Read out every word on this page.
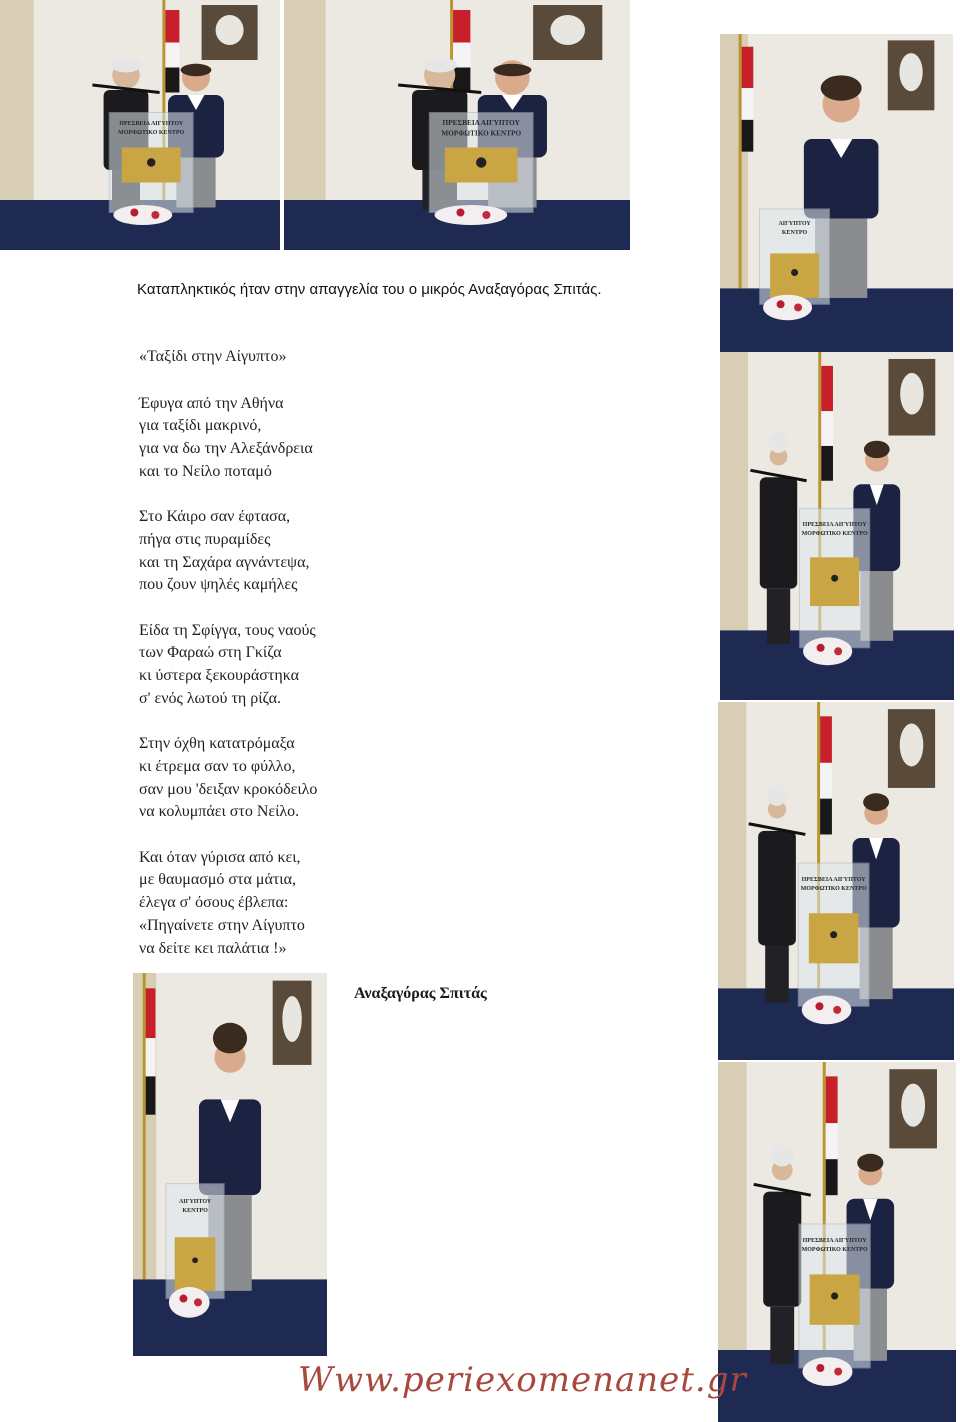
ΠΡΕΣΒΕΙΑ ΑΙΓΥΠΤΟΥ
ΜΟΡΦΩΤΙΚΟ ΚΕΝΤΡΟ
ΠΡΕΣΒΕΙΑ ΑΙΓΥΠΤΟΥ
ΜΟΡΦΩΤΙΚΟ ΚΕΝΤΡΟ
ΑΙΓΥΠΤΟΥ
ΚΕΝΤΡΟ
ΠΡΕΣΒΕΙΑ ΑΙΓΥΠΤΟΥ
ΜΟΡΦΩΤΙΚΟ ΚΕΝΤΡΟ
ΠΡΕΣΒΕΙΑ ΑΙΓΥΠΤΟΥ
ΜΟΡΦΩΤΙΚΟ ΚΕΝΤΡΟ
ΠΡΕΣΒΕΙΑ ΑΙΓΥΠΤΟΥ
ΜΟΡΦΩΤΙΚΟ ΚΕΝΤΡΟ
ΑΙΓΥΠΤΟΥ
ΚΕΝΤΡΟ
Καταπληκτικός ήταν στην απαγγελία του ο μικρός Αναξαγόρας Σπιτάς.
«Ταξίδι στην Αίγυπτο»
Έφυγα από την Αθήνα
για ταξίδι μακρινό,
για να δω την Αλεξάνδρεια
και το Νείλο ποταμό
Στο Κάιρο σαν έφτασα,
πήγα στις πυραμίδες
και τη Σαχάρα αγνάντεψα,
που ζουν ψηλές καμήλες
Είδα τη Σφίγγα, τους ναούς
των Φαραώ στη Γκίζα
κι ύστερα ξεκουράστηκα
σ' ενός λωτού τη ρίζα.
Στην όχθη κατατρόμαξα
κι έτρεμα σαν το φύλλο,
σαν μου 'δειξαν κροκόδειλο
να κολυμπάει στο Νείλο.
Και όταν γύρισα από κει,
με θαυμασμό στα μάτια,
έλεγα σ' όσους έβλεπα:
«Πηγαίνετε στην Αίγυπτο
να δείτε κει παλάτια !»
Αναξαγόρας Σπιτάς
Www.periexomenanet.gr
